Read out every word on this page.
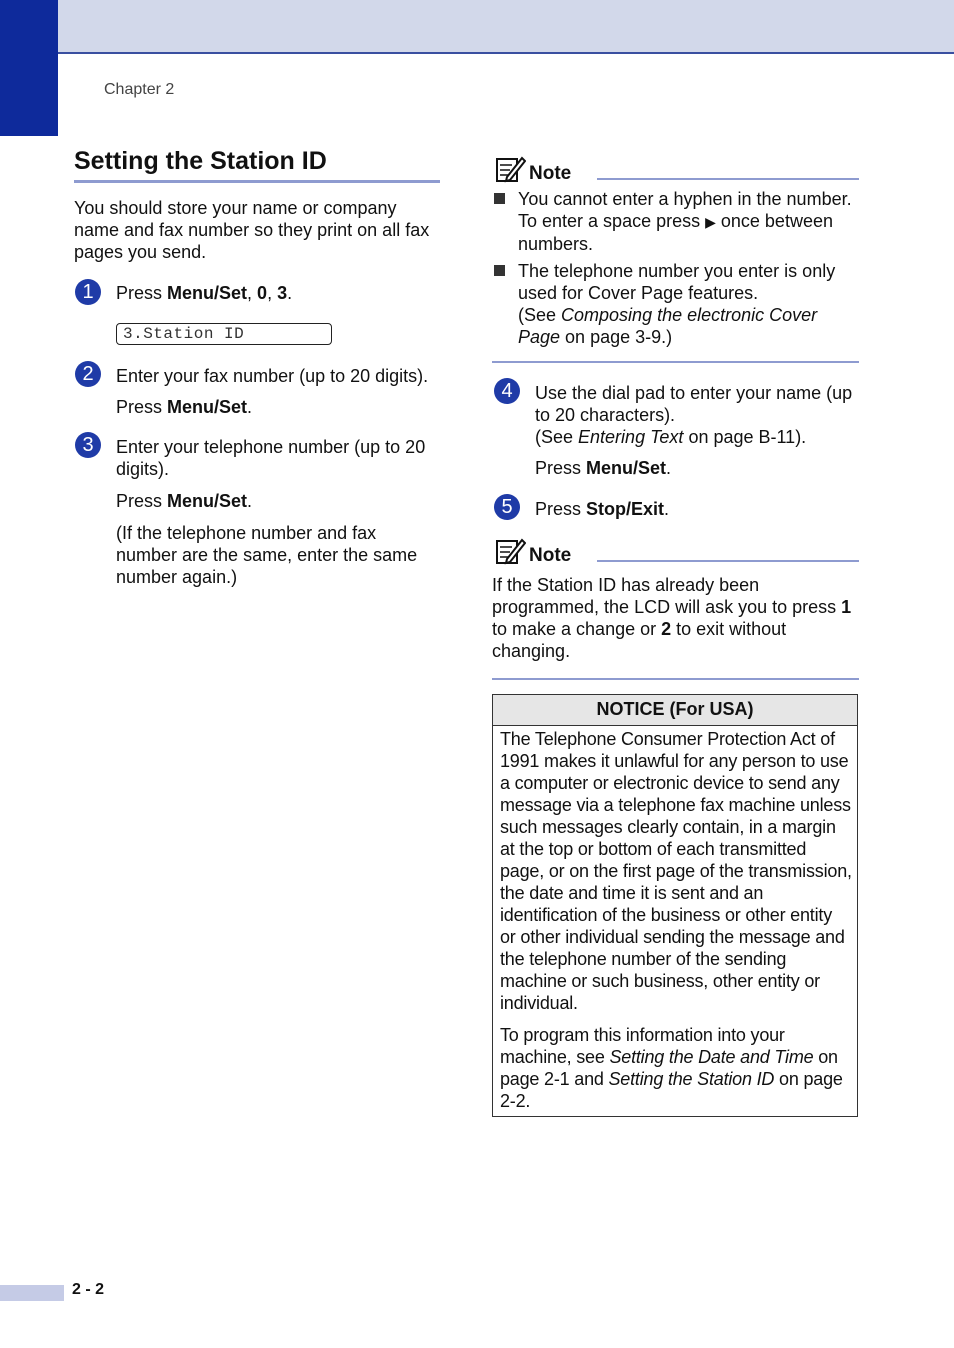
Chapter 2
Setting the Station ID
You should store your name or company name and fax number so they print on all fax pages you send.
1	Press Menu/Set, 0, 3.
3.Station ID
2	Enter your fax number (up to 20 digits).
Press Menu/Set.
3	Enter your telephone number (up to 20 digits).
Press Menu/Set.
(If the telephone number and fax number are the same, enter the same number again.)
Note
You cannot enter a hyphen in the number. To enter a space press ▶ once between numbers.
The telephone number you enter is only used for Cover Page features.
(See Composing the electronic Cover Page on page 3-9.)
4	Use the dial pad to enter your name (up to 20 characters).
(See Entering Text on page B-11).
Press Menu/Set.
5	Press Stop/Exit.
Note
If the Station ID has already been programmed, the LCD will ask you to press 1 to make a change or 2 to exit without changing.
NOTICE (For USA)
The Telephone Consumer Protection Act of 1991 makes it unlawful for any person to use a computer or electronic device to send any message via a telephone fax machine unless such messages clearly contain, in a margin at the top or bottom of each transmitted page, or on the first page of the transmission, the date and time it is sent and an identification of the business or other entity or other individual sending the message and the telephone number of the sending machine or such business, other entity or individual.
To program this information into your machine, see Setting the Date and Time on page 2-1 and Setting the Station ID on page 2-2.
2 - 2
